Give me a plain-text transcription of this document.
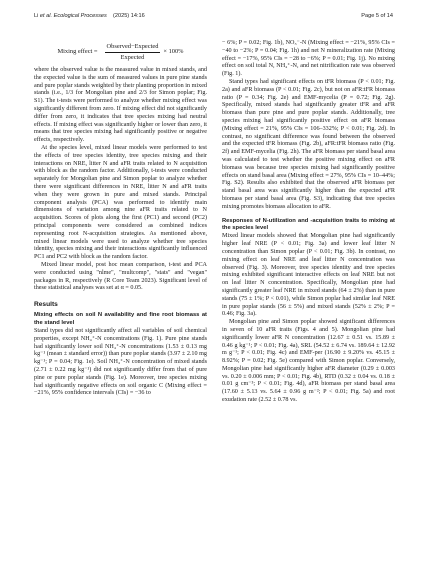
Li et al. Ecological Processes (2025) 14:16	Page 5 of 14
Mixing effect = $\frac{\text{Observed−Expected}}{\text{Expected}} \times 100\%$

where the observed value is the measured value in mixed stands, and the expected value is the sum of measured values in pure pine stands and pure poplar stands weighted by their planting proportion in mixed stands (i.e., 1/3 for Mongolian pine and 2/3 for Simon poplar; Fig. S1). The t-tests were performed to analyze whether mixing effect was significantly different from zero. If mixing effect did not significantly differ from zero, it indicates that tree species mixing had neutral effects. If mixing effect was significantly higher or lower than zero, it means that tree species mixing had significantly positive or negative effects, respectively.

At the species level, mixed linear models were performed to test the effects of tree species identity, tree species mixing and their interactions on NRE, litter N and aFR traits related to N acquisition with block as the random factor. Additionally, t-tests were conducted separately for Mongolian pine and Simon poplar to analyze whether there were significant differences in NRE, litter N and aFR traits when they were grown in pure and mixed stands. Principal component analysis (PCA) was performed to identify main dimensions of variation among nine aFR traits related to N acquisition. Scores of plots along the first (PC1) and second (PC2) principal components were considered as combined indices representing root N-acquisition strategies. As mentioned above, mixed linear models were used to analyze whether tree species identity, species mixing and their interactions significantly influenced PC1 and PC2 with block as the random factor.

Mixed linear model, post hoc mean comparison, t-test and PCA were conducted using "nlme", "multcomp", "stats" and "vegan" packages in R, respectively (R Core Team 2023). Significant level of these statistical analyses was set at α = 0.05.

Results
Mixing effects on soil N availability and fine root biomass at the stand level

Stand types did not significantly affect all variables of soil chemical properties, except NH₄⁺-N concentrations (Fig. 1). Pure pine stands had significantly lower soil NH₄⁺-N concentrations (1.53 ± 0.13 mg kg⁻¹ (mean ± standard error)) than pure poplar stands (3.97 ± 2.10 mg kg⁻¹; P = 0.04; Fig. 1e). Soil NH₄⁺-N concentration of mixed stands (2.71 ± 0.22 mg kg⁻¹) did not significantly differ from that of pure pine or pure poplar stands (Fig. 1e). Moreover, tree species mixing had significantly negative effects on soil organic C (Mixing effect = −21%, 95% confidence intervals (CIs) = −36 to

− 6%; P = 0.02; Fig. 1b), NO₃⁻-N (Mixing effect = −21%, 95% CIs = −40 to −2%; P = 0.04; Fig. 1h) and net N mineralization rate (Mixing effect = −17%, 95% CIs = −28 to −6%; P = 0.01; Fig. 1j). No mixing effect on soil total N, NH₄⁺-N, and net nitrification rate was observed (Fig. 1).

Stand types had significant effects on tFR biomass (P < 0.01; Fig. 2a) and aFR biomass (P < 0.01; Fig. 2c), but not on aFR:tFR biomass ratio (P = 0.34; Fig. 2e) and EMF-mycelia (P = 0.72; Fig. 2g). Specifically, mixed stands had significantly greater tFR and aFR biomass than pure pine and pure poplar stands. Additionally, tree species mixing had significantly positive effect on aFR biomass (Mixing effect = 21%, 95% CIs = 106–332%; P < 0.01; Fig. 2d). In contrast, no significant difference was found between the observed and the expected tFR biomass (Fig. 2b), aFR:tFR biomass ratio (Fig. 2f) and EMF-mycelia (Fig. 2h). The aFR biomass per stand basal area was calculated to test whether the positive mixing effect on aFR biomass was because tree species mixing had significantly positive effects on stand basal area (Mixing effect = 27%, 95% CIs = 10–44%; Fig. S2). Results also exhibited that the observed aFR biomass per stand basal area was significantly higher than the expected aFR biomass per stand basal area (Fig. S3), indicating that tree species mixing promotes biomass allocation to aFR.

Responses of N-utilization and -acquisition traits to mixing at the species level

Mixed linear models showed that Mongolian pine had significantly higher leaf NRE (P < 0.01; Fig. 3a) and lower leaf litter N concentration than Simon poplar (P < 0.01; Fig. 3b). In contrast, no mixing effect on leaf NRE and leaf litter N concentration was observed (Fig. 3). Moreover, tree species identity and tree species mixing exhibited significant interactive effects on leaf NRE but not on leaf litter N concentration. Specifically, Mongolian pine had significantly greater leaf NRE in mixed stands (64 ± 2%) than in pure stands (75 ± 1%; P < 0.01), while Simon poplar had similar leaf NRE in pure poplar stands (56 ± 5%) and mixed stands (52% ± 2%; P = 0.46; Fig. 3a).

Mongolian pine and Simon poplar showed significant differences in seven of 10 aFR traits (Figs. 4 and 5). Mongolian pine had significantly lower aFR N concentration (12.67 ± 0.51 vs. 15.89 ± 0.46 g kg⁻¹; P < 0.01; Fig. 4a), SRL (54.52 ± 6.74 vs. 189.64 ± 12.92 m g⁻¹; P < 0.01; Fig. 4c) and EMF-per (16.90 ± 9.20% vs. 45.15 ± 8.92%; P = 0.02; Fig. 5e) compared with Simon poplar. Conversely, Mongolian pine had significantly higher aFR diameter (0.29 ± 0.003 vs. 0.20 ± 0.006 mm; P < 0.01; Fig. 4b), RTD (0.32 ± 0.04 vs. 0.18 ± 0.01 g cm⁻³; P < 0.01; Fig. 4d), aFR biomass per stand basal area (17.60 ± 5.13 vs. 5.64 ± 0.96 g m⁻²; P < 0.01; Fig. 5a) and root exudation rate (2.52 ± 0.78 vs.
